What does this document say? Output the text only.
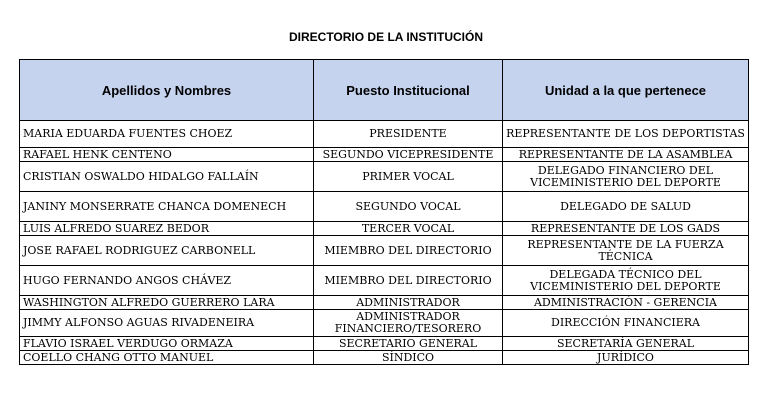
DIRECTORIO DE LA INSTITUCIÓN
Apellidos y Nombres	Puesto Institucional	Unidad a la que pertenece
MARIA EDUARDA FUENTES CHOEZ	PRESIDENTE	REPRESENTANTE DE LOS DEPORTISTAS
RAFAEL HENK CENTENO	SEGUNDO VICEPRESIDENTE	REPRESENTANTE DE LA ASAMBLEA
CRISTIAN OSWALDO HIDALGO FALLAÍN	PRIMER VOCAL	DELEGADO FINANCIERO DEL VICEMINISTERIO DEL DEPORTE
JANINY MONSERRATE CHANCA DOMENECH	SEGUNDO VOCAL	DELEGADO DE SALUD
LUIS ALFREDO SUAREZ BEDOR	TERCER VOCAL	REPRESENTANTE DE LOS GADS
JOSE RAFAEL RODRIGUEZ CARBONELL	MIEMBRO DEL DIRECTORIO	REPRESENTANTE DE LA FUERZA TÉCNICA
HUGO FERNANDO ANGOS CHÁVEZ	MIEMBRO DEL DIRECTORIO	DELEGADA TÉCNICO DEL VICEMINISTERIO DEL DEPORTE
WASHINGTON ALFREDO GUERRERO LARA	ADMINISTRADOR	ADMINISTRACIÓN - GERENCIA
JIMMY ALFONSO AGUAS RIVADENEIRA	ADMINISTRADOR FINANCIERO/TESORERO	DIRECCIÓN FINANCIERA
FLAVIO ISRAEL VERDUGO ORMAZA	SECRETARIO GENERAL	SECRETARÍA GENERAL
COELLO CHANG OTTO MANUEL	SÍNDICO	JURÍDICO
